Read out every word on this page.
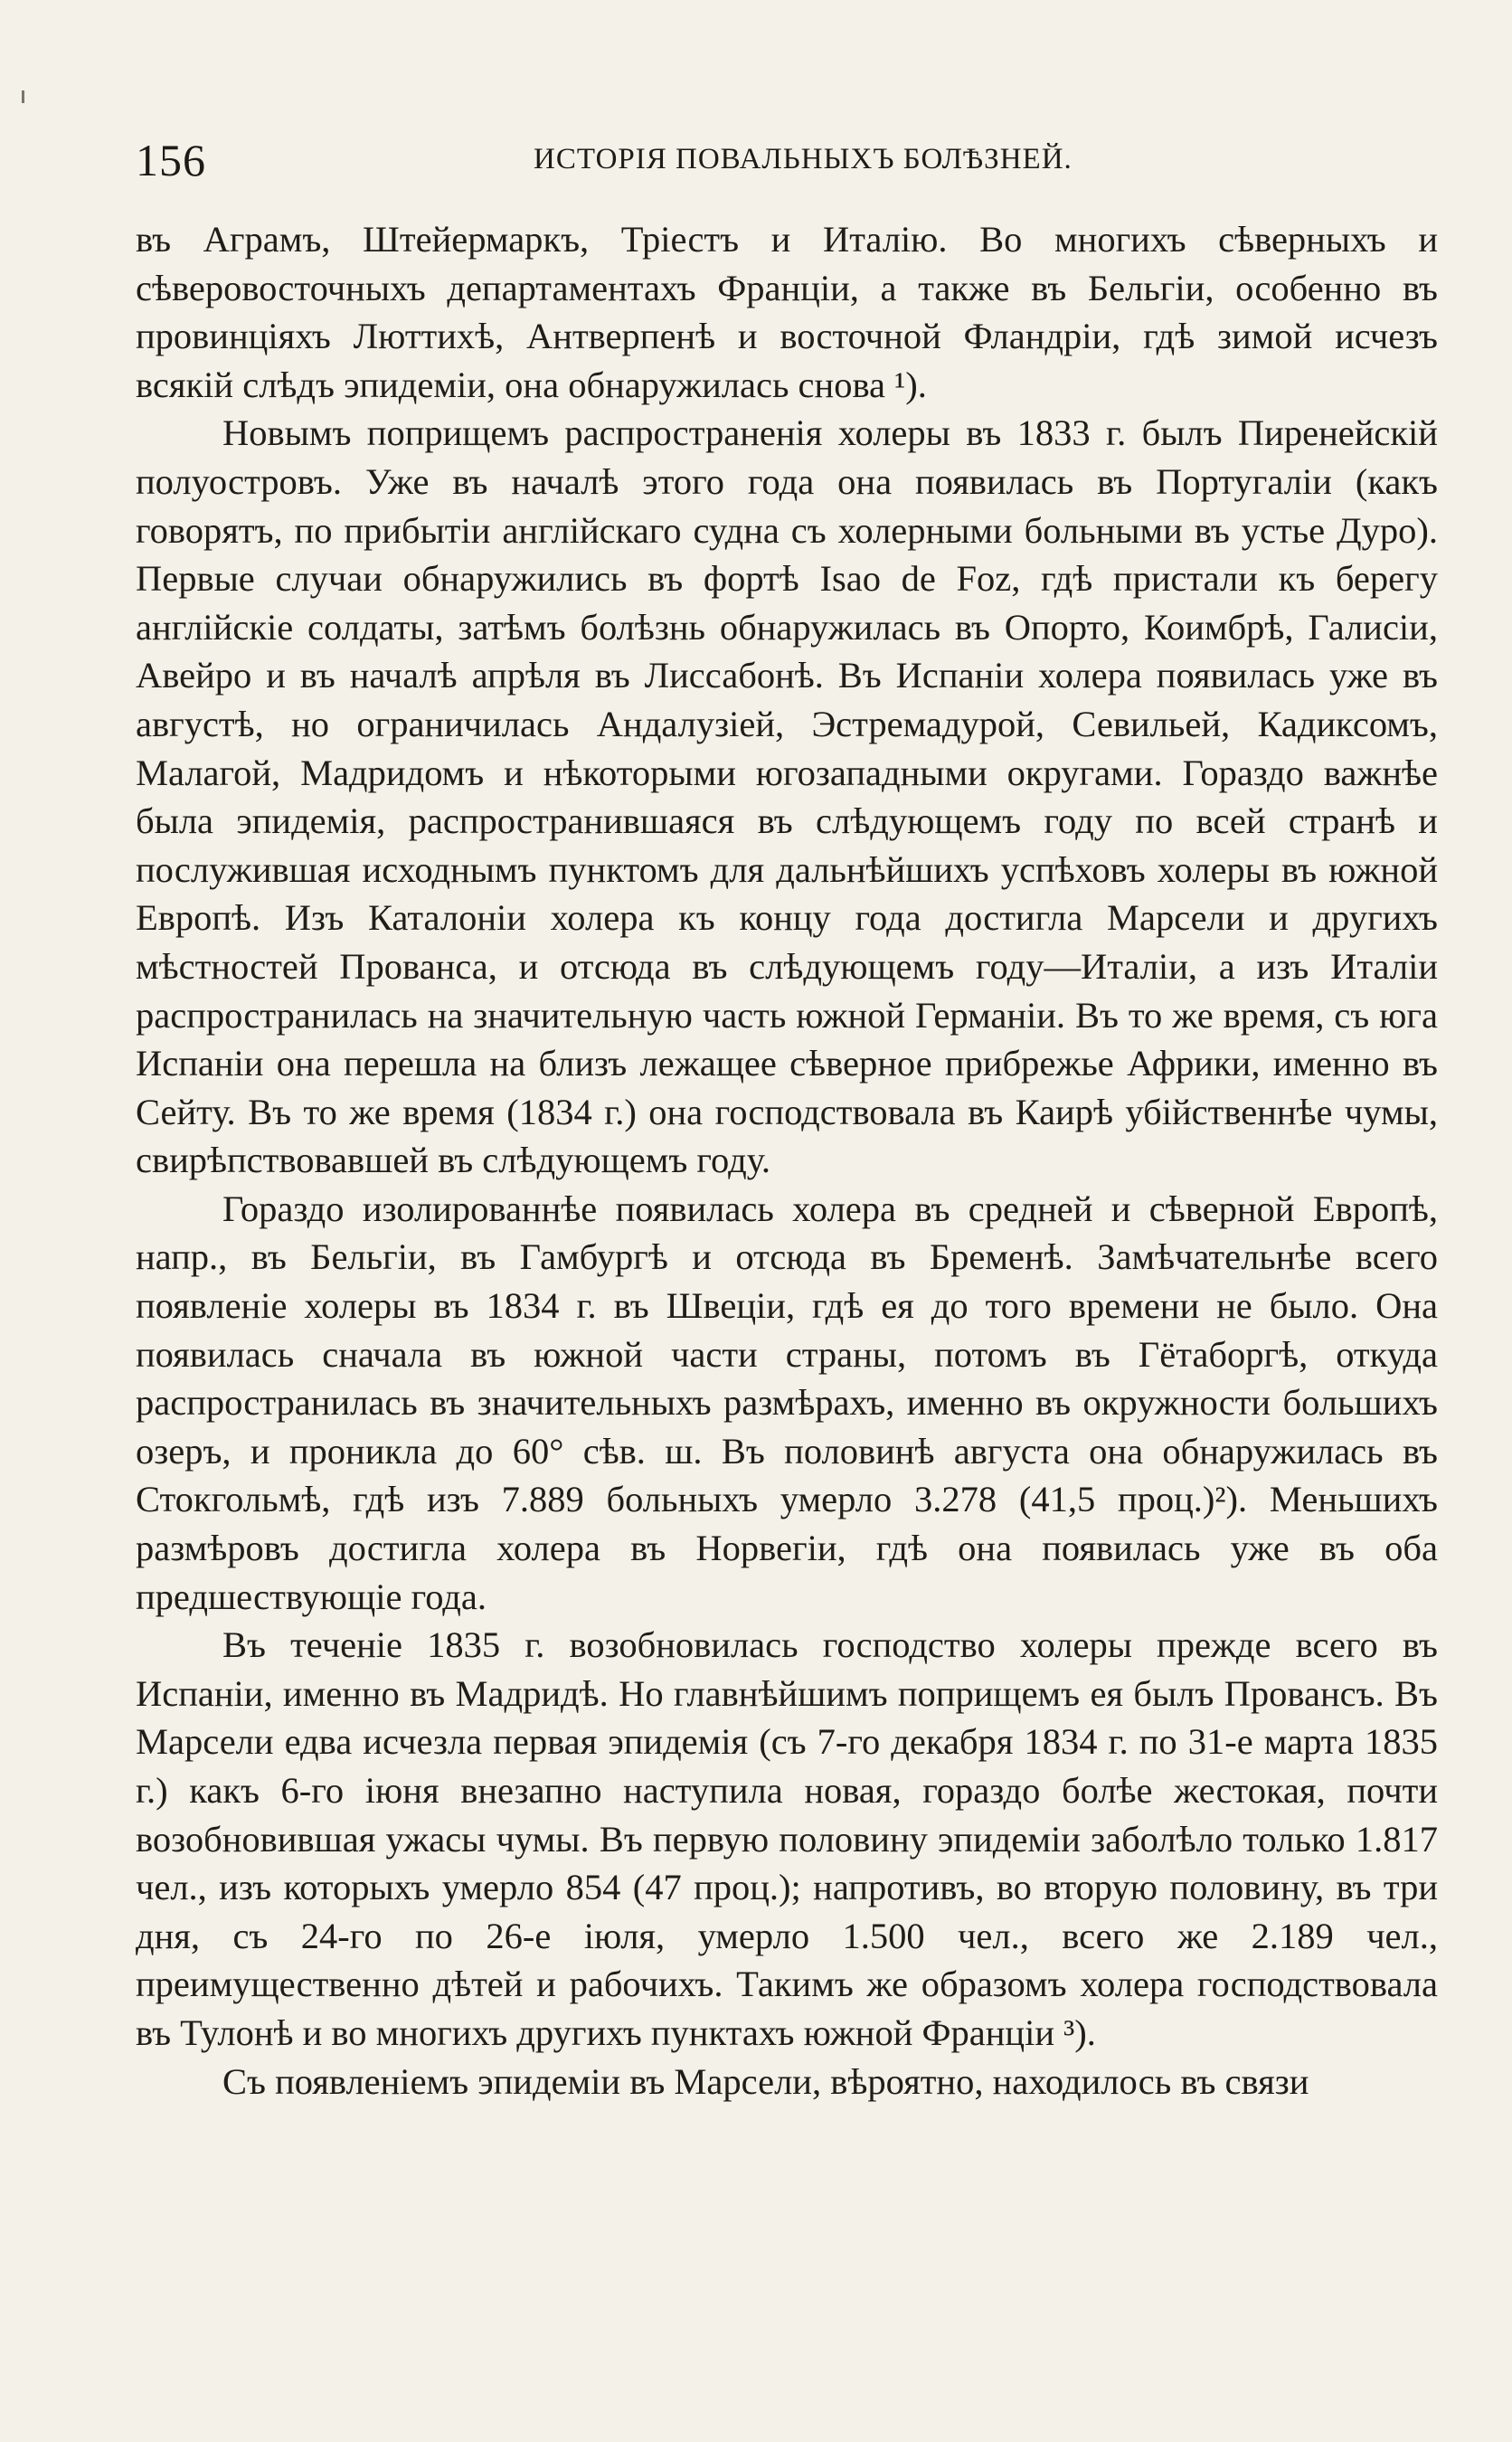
156	ИСТОРІЯ ПОВАЛЬНЫХЪ БОЛѢЗНЕЙ.

въ Аграмъ, Штейермаркъ, Тріестъ и Италію. Во многихъ сѣверныхъ и сѣверовосточныхъ департаментахъ Франціи, а также въ Бельгіи, особенно въ провинціяхъ Люттихѣ, Антверпенѣ и восточной Фландріи, гдѣ зимой исчезъ всякій слѣдъ эпидеміи, она обнаружилась снова ¹).

Новымъ поприщемъ распространенія холеры въ 1833 г. былъ Пиренейскій полуостровъ. Уже въ началѣ этого года она появилась въ Португаліи (какъ говорятъ, по прибытіи англійскаго судна съ холерными больными въ устье Дуро). Первые случаи обнаружились въ фортѣ Isao de Foz, гдѣ пристали къ берегу англійскіе солдаты, затѣмъ болѣзнь обнаружилась въ Опорто, Коимбрѣ, Галисіи, Авейро и въ началѣ апрѣля въ Лиссабонѣ. Въ Испаніи холера появилась уже въ августѣ, но ограничилась Андалузіей, Эстремадурой, Севильей, Кадиксомъ, Малагой, Мадридомъ и нѣкоторыми югозападными округами. Гораздо важнѣе была эпидемія, распространившаяся въ слѣдующемъ году по всей странѣ и послужившая исходнымъ пунктомъ для дальнѣйшихъ успѣховъ холеры въ южной Европѣ. Изъ Каталоніи холера къ концу года достигла Марсели и другихъ мѣстностей Прованса, и отсюда въ слѣдующемъ году—Италіи, а изъ Италіи распространилась на значительную часть южной Германіи. Въ то же время, съ юга Испаніи она перешла на близъ лежащее сѣверное прибрежье Африки, именно въ Сейту. Въ то же время (1834 г.) она господствовала въ Каирѣ убійственнѣе чумы, свирѣпствовавшей въ слѣдующемъ году.

Гораздо изолированнѣе появилась холера въ средней и сѣверной Европѣ, напр., въ Бельгіи, въ Гамбургѣ и отсюда въ Бременѣ. Замѣчательнѣе всего появленіе холеры въ 1834 г. въ Швеціи, гдѣ ея до того времени не было. Она появилась сначала въ южной части страны, потомъ въ Гётаборгѣ, откуда распространилась въ значительныхъ размѣрахъ, именно въ окружности большихъ озеръ, и проникла до 60° сѣв. ш. Въ половинѣ августа она обнаружилась въ Стокгольмѣ, гдѣ изъ 7.889 больныхъ умерло 3.278 (41,5 проц.)²). Меньшихъ размѣровъ достигла холера въ Норвегіи, гдѣ она появилась уже въ оба предшествующіе года.

Въ теченіе 1835 г. возобновилась господство холеры прежде всего въ Испаніи, именно въ Мадридѣ. Но главнѣйшимъ поприщемъ ея былъ Провансъ. Въ Марсели едва исчезла первая эпидемія (съ 7-го декабря 1834 г. по 31-е марта 1835 г.) какъ 6-го іюня внезапно наступила новая, гораздо болѣе жестокая, почти возобновившая ужасы чумы. Въ первую половину эпидеміи заболѣло только 1.817 чел., изъ которыхъ умерло 854 (47 проц.); напротивъ, во вторую половину, въ три дня, съ 24-го по 26-е іюля, умерло 1.500 чел., всего же 2.189 чел., преимущественно дѣтей и рабочихъ. Такимъ же образомъ холера господствовала въ Тулонѣ и во многихъ другихъ пунктахъ южной Франціи ³).

Съ появленіемъ эпидеміи въ Марсели, вѣроятно, находилось въ связи
